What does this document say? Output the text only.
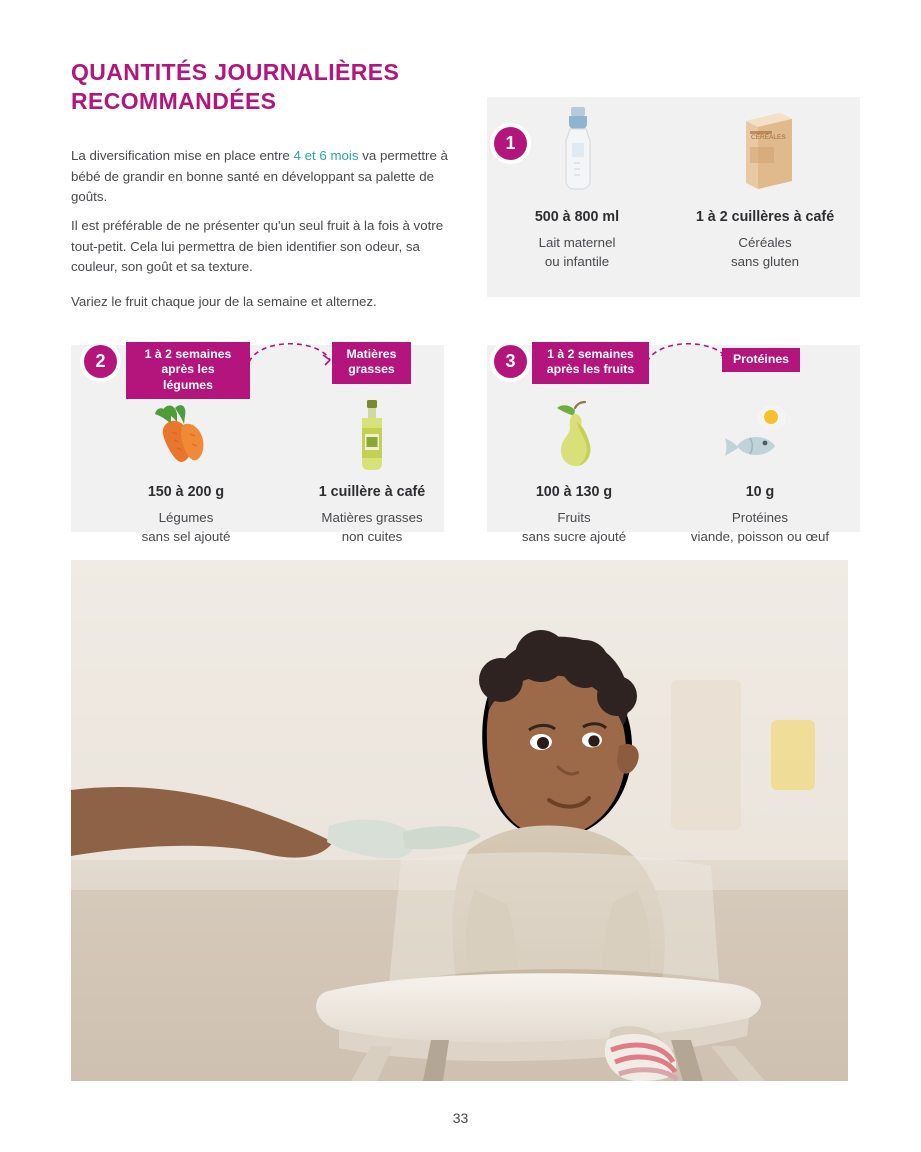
QUANTITÉS JOURNALIÈRES
RECOMMANDÉES

La diversification mise en place entre 4 et 6 mois va permettre à bébé de grandir en bonne santé en développant sa palette de goûts.

Il est préférable de ne présenter qu'un seul fruit à la fois à votre tout-petit. Cela lui permettra de bien identifier son odeur, sa couleur, son goût et sa texture.

Variez le fruit chaque jour de la semaine et alternez.

1
500 à 800 ml
Lait maternel
ou infantile
CÉRÉALES
1 à 2 cuillères à café
Céréales
sans gluten
2	1 à 2 semaines
après les légumes
Matières
grasses
150 à 200 g
Légumes
sans sel ajouté
1 cuillère à café
Matières grasses
non cuites
3	1 à 2 semaines
après les fruits
Protéines
100 à 130 g
Fruits
sans sucre ajouté
10 g
Protéines
viande, poisson ou œuf
33
